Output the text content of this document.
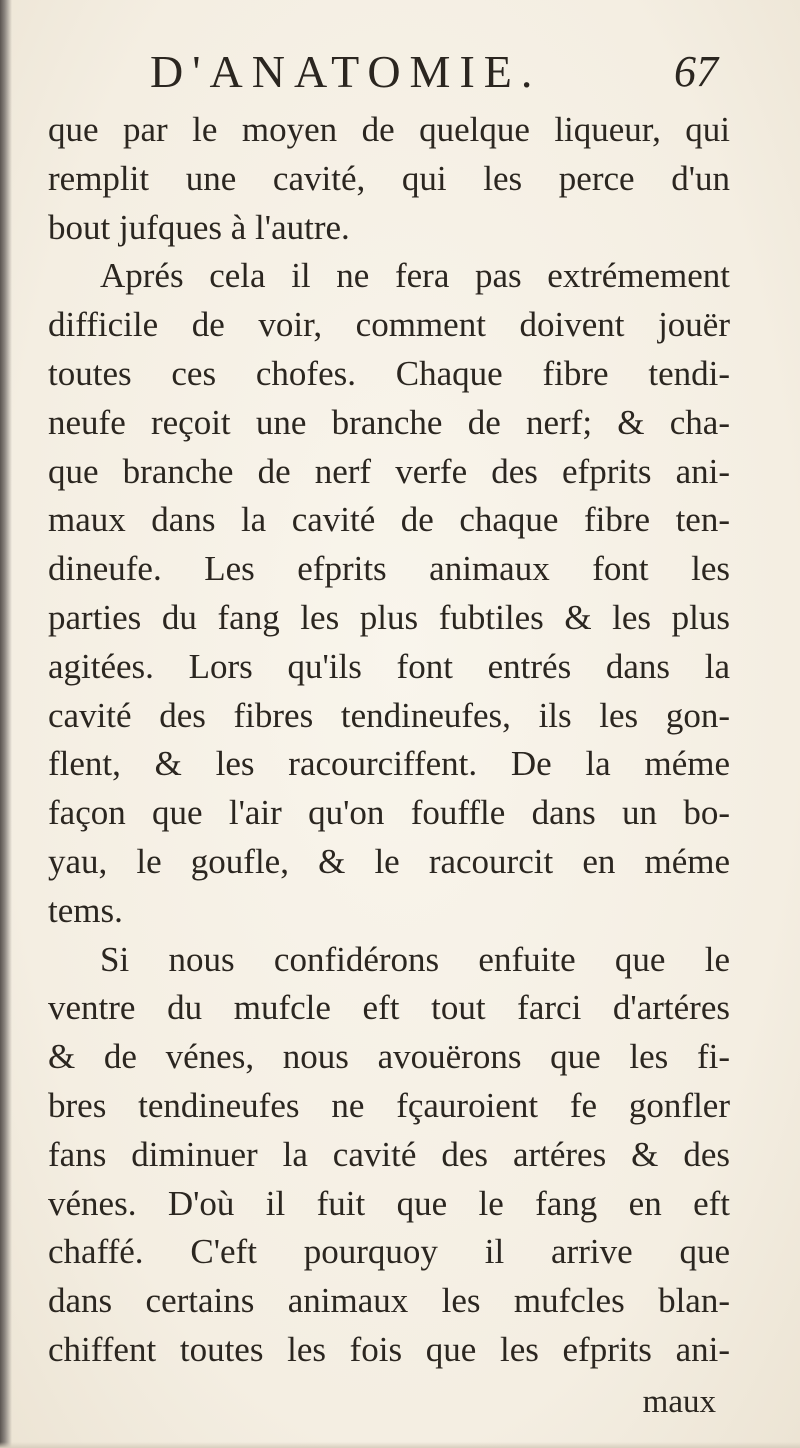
D'ANATOMIE.	67
que par le moyen de quelque liqueur, qui
remplit une cavité, qui les perce d'un
bout jufques à l'autre.
Aprés cela il ne fera pas extrémement
difficile de voir, comment doivent jouër
toutes ces chofes. Chaque fibre tendi-
neufe reçoit une branche de nerf; & cha-
que branche de nerf verfe des efprits ani-
maux dans la cavité de chaque fibre ten-
dineufe. Les efprits animaux font les
parties du fang les plus fubtiles & les plus
agitées. Lors qu'ils font entrés dans la
cavité des fibres tendineufes, ils les gon-
flent, & les racourciffent. De la méme
façon que l'air qu'on fouffle dans un bo-
yau, le goufle, & le racourcit en méme
tems.
Si nous confidérons enfuite que le
ventre du mufcle eft tout farci d'artéres
& de vénes, nous avouërons que les fi-
bres tendineufes ne fçauroient fe gonfler
fans diminuer la cavité des artéres & des
vénes. D'où il fuit que le fang en eft
chaffé. C'eft pourquoy il arrive que
dans certains animaux les mufcles blan-
chiffent toutes les fois que les efprits ani-
maux
